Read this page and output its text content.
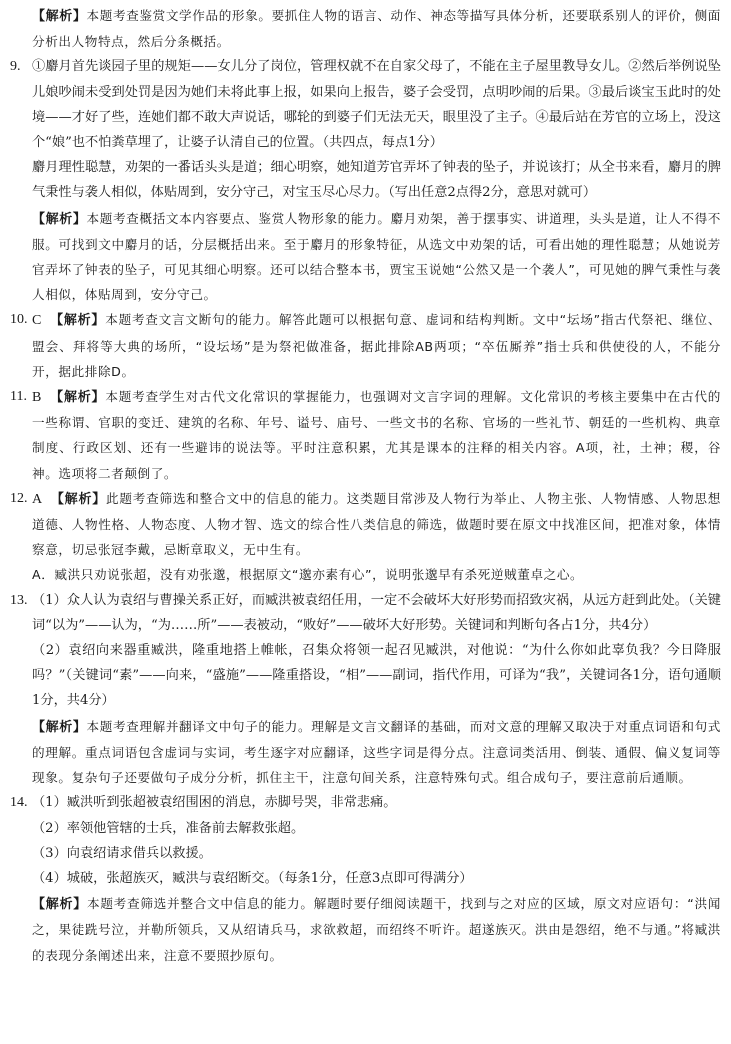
【解析】本题考查鉴赏文学作品的形象。要抓住人物的语言、动作、神态等描写具体分析，还要联系别人的评价，侧面分析出人物特点，然后分条概括。

9. ①麝月首先谈园子里的规矩——女儿分了岗位，管理权就不在自家父母了，不能在主子屋里教导女儿。②然后举例说坠儿娘吵闹未受到处罚是因为她们未将此事上报，如果向上报告，婆子会受罚，点明吵闹的后果。③最后谈宝玉此时的处境——才好了些，连她们都不敢大声说话，哪轮的到婆子们无法无天，眼里没了主子。④最后站在芳官的立场上，没这个“娘”也不怕粪草埋了，让婆子认清自己的位置。（共四点，每点1分）

麝月理性聪慧，劝架的一番话头头是道；细心明察，她知道芳官弄坏了钟表的坠子，并说该打；从全书来看，麝月的脾气秉性与袭人相似，体贴周到，安分守己，对宝玉尽心尽力。（写出任意2点得2分，意思对就可）

【解析】本题考查概括文本内容要点、鉴赏人物形象的能力。麝月劝架，善于摆事实、讲道理，头头是道，让人不得不服。可找到文中麝月的话，分层概括出来。至于麝月的形象特征，从选文中劝架的话，可看出她的理性聪慧；从她说芳官弄坏了钟表的坠子，可见其细心明察。还可以结合整本书，贾宝玉说她“公然又是一个袭人”，可见她的脾气秉性与袭人相似，体贴周到，安分守己。

10. C 【解析】本题考查文言文断句的能力。解答此题可以根据句意、虚词和结构判断。文中“坛场”指古代祭祀、继位、盟会、拜将等大典的场所，“设坛场”是为祭祀做准备，据此排除AB两项；“卒伍厮养”指士兵和供使役的人，不能分开，据此排除D。

11. B 【解析】本题考查学生对古代文化常识的掌握能力，也强调对文言字词的理解。文化常识的考核主要集中在古代的一些称谓、官职的变迁、建筑的名称、年号、谥号、庙号、一些文书的名称、官场的一些礼节、朝廷的一些机构、典章制度、行政区划、还有一些避讳的说法等。平时注意积累，尤其是课本的注释的相关内容。A项，社，土神；稷，谷神。选项将二者颠倒了。

12. A 【解析】此题考查筛选和整合文中的信息的能力。这类题目常涉及人物行为举止、人物主张、人物情感、人物思想道德、人物性格、人物态度、人物才智、选文的综合性八类信息的筛选，做题时要在原文中找准区间，把准对象，体情察意，切忌张冠李戴，忌断章取义，无中生有。

A．臧洪只劝说张超，没有劝张邈，根据原文“邈亦素有心”，说明张邈早有杀死逆贼董卓之心。

13. （1）众人认为袁绍与曹操关系正好，而臧洪被袁绍任用，一定不会破坏大好形势而招致灾祸，从远方赶到此处。（关键词“以为”——认为，“为……所”——表被动，“败好”——破坏大好形势。关键词和判断句各占1分，共4分）

（2）袁绍向来器重臧洪，隆重地搭上帷帐，召集众将领一起召见臧洪，对他说：“为什么你如此辜负我？今日降服吗？”（关键词“素”——向来，“盛施”——隆重搭设，“相”——副词，指代作用，可译为“我”，关键词各1分，语句通顺1分，共4分）

【解析】本题考查理解并翻译文中句子的能力。理解是文言文翻译的基础，而对文意的理解又取决于对重点词语和句式的理解。重点词语包含虚词与实词，考生逐字对应翻译，这些字词是得分点。注意词类活用、倒装、通假、偏义复词等现象。复杂句子还要做句子成分分析，抓住主干，注意句间关系，注意特殊句式。组合成句子，要注意前后通顺。

14. （1）臧洪听到张超被袁绍围困的消息，赤脚号哭，非常悲痛。

（2）率领他管辖的士兵，准备前去解救张超。

（3）向袁绍请求借兵以救援。

（4）城破，张超族灭，臧洪与袁绍断交。（每条1分，任意3点即可得满分）

【解析】本题考查筛选并整合文中信息的能力。解题时要仔细阅读题干，找到与之对应的区域，原文对应语句：“洪闻之，果徒跣号泣，并勒所领兵，又从绍请兵马，求欲救超，而绍终不听许。超遂族灭。洪由是怨绍，绝不与通。”将臧洪的表现分条阐述出来，注意不要照抄原句。
